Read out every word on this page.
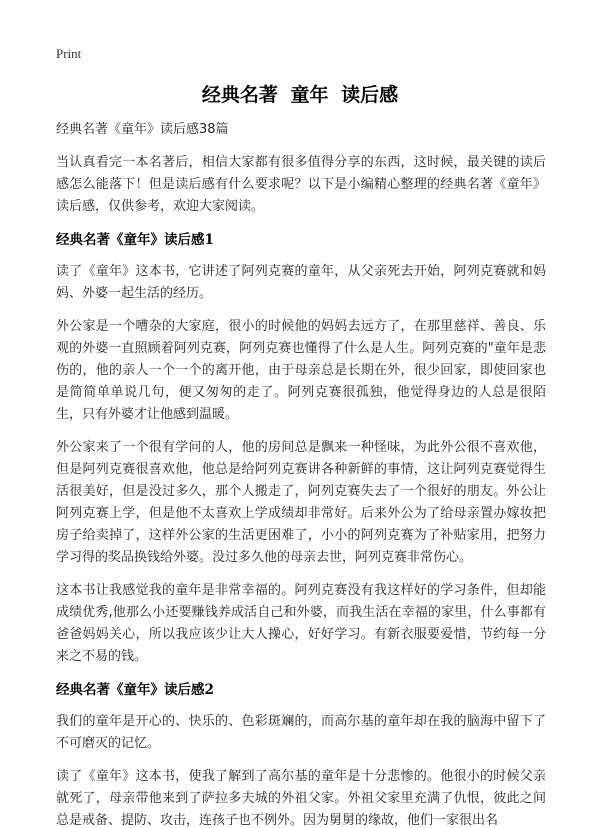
Print
经典名著 童年 读后感
经典名著《童年》读后感38篇

当认真看完一本名著后，相信大家都有很多值得分享的东西，这时候，最关键的读后感怎么能落下！但是读后感有什么要求呢？以下是小编精心整理的经典名著《童年》读后感，仅供参考，欢迎大家阅读。

经典名著《童年》读后感1

读了《童年》这本书，它讲述了阿列克赛的童年，从父亲死去开始，阿列克赛就和妈妈、外婆一起生活的经历。

外公家是一个嘈杂的大家庭，很小的时候他的妈妈去远方了，在那里慈祥、善良、乐观的外婆一直照顾着阿列克赛，阿列克赛也懂得了什么是人生。阿列克赛的"童年是悲伤的，他的亲人一个一个的离开他，由于母亲总是长期在外，很少回家，即使回家也是简简单单说几句，便又匆匆的走了。阿列克赛很孤独，他觉得身边的人总是很陌生，只有外婆才让他感到温暖。

外公家来了一个很有学问的人，他的房间总是飘来一种怪味，为此外公很不喜欢他，但是阿列克赛很喜欢他，他总是给阿列克赛讲各种新鲜的事情，这让阿列克赛觉得生活很美好，但是没过多久，那个人搬走了，阿列克赛失去了一个很好的朋友。外公让阿列克赛上学，但是他不太喜欢上学成绩却非常好。后来外公为了给母亲置办嫁妆把房子给卖掉了，这样外公家的生活更困难了，小小的阿列克赛为了补贴家用，把努力学习得的奖品换钱给外婆。没过多久他的母亲去世，阿列克赛非常伤心。

这本书让我感觉我的童年是非常幸福的。阿列克赛没有我这样好的学习条件，但却能成绩优秀,他那么小还要赚钱养成活自己和外婆，而我生活在幸福的家里，什么事都有爸爸妈妈关心，所以我应该少让大人操心，好好学习。有新衣服要爱惜，节约每一分来之不易的钱。

经典名著《童年》读后感2

我们的童年是开心的、快乐的、色彩斑斓的，而高尔基的童年却在我的脑海中留下了不可磨灭的记忆。

读了《童年》这本书，使我了解到了高尔基的童年是十分悲惨的。他很小的时候父亲就死了，母亲带他来到了萨拉多夫城的外祖父家。外祖父家里充满了仇恨，彼此之间总是戒备、提防、攻击，连孩子也不例外。因为舅舅的缘故，他们一家很出名
